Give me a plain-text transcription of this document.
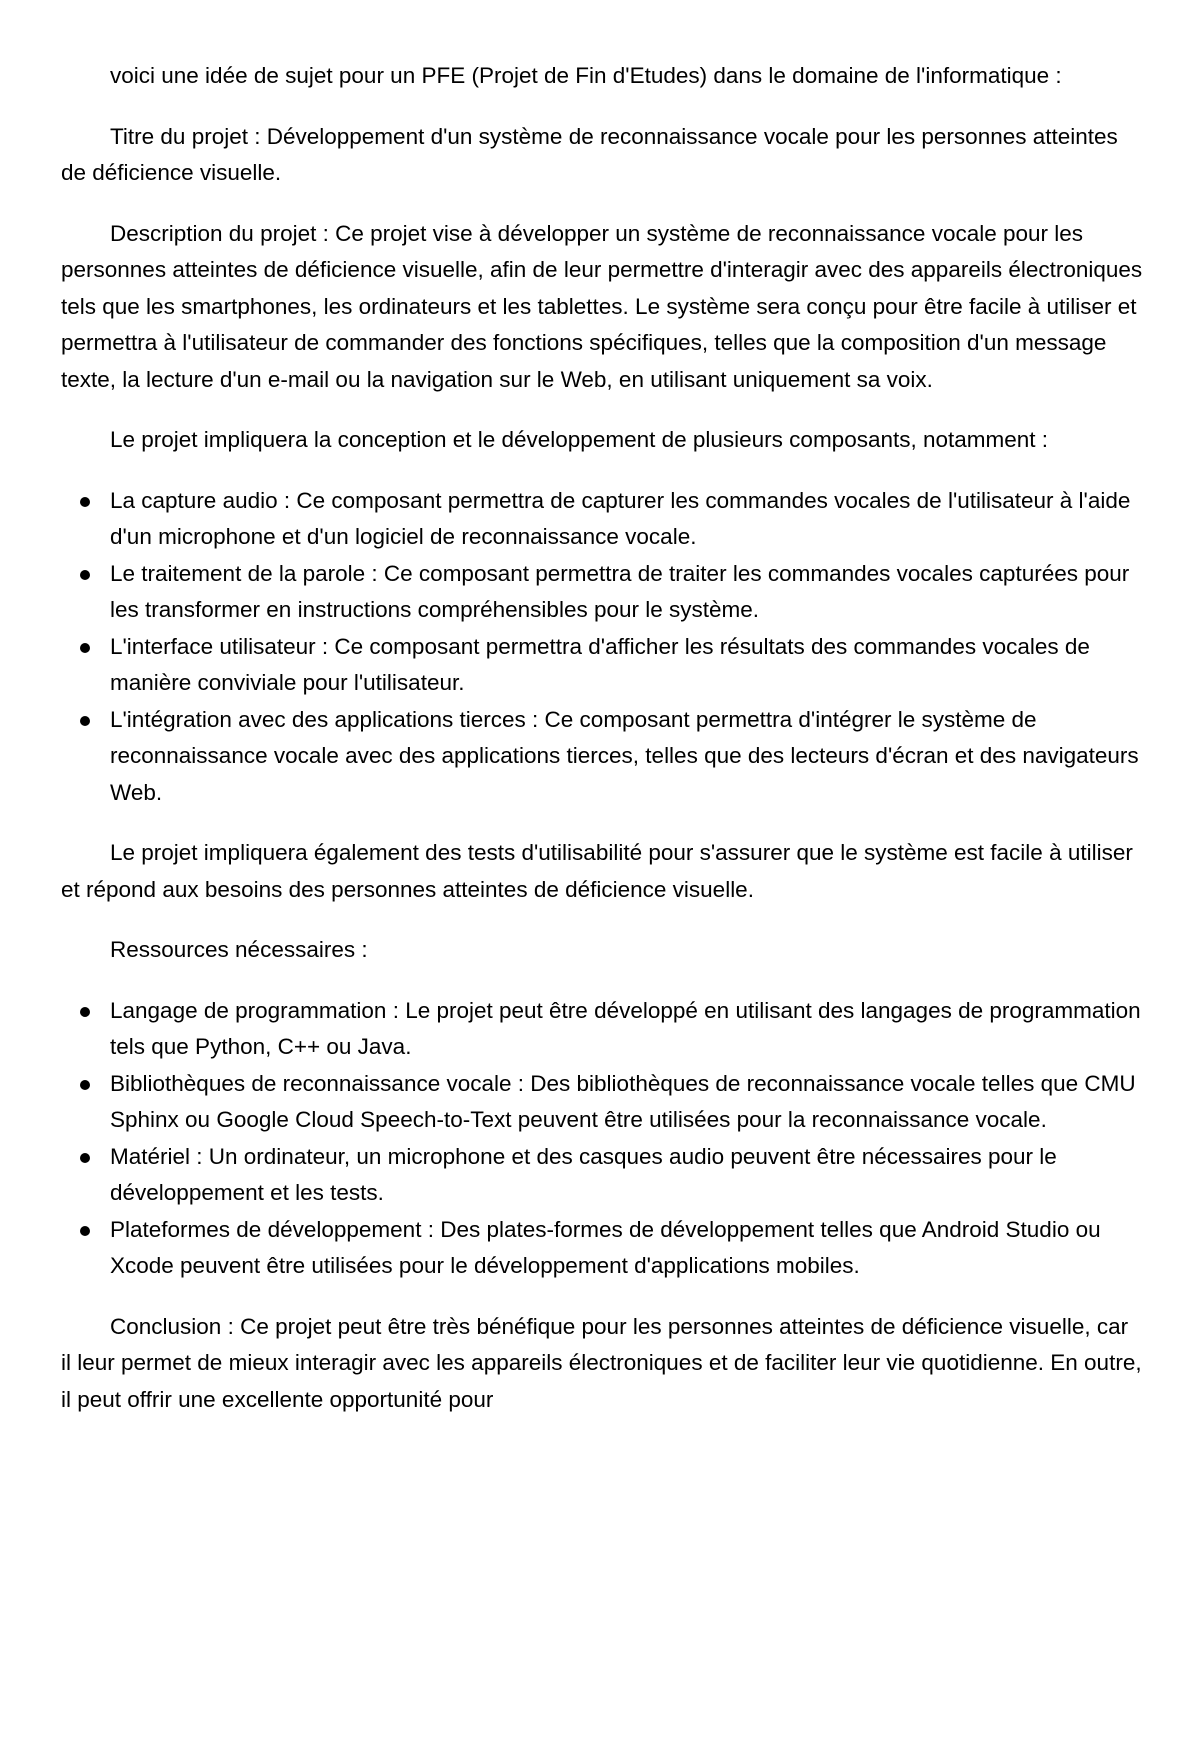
voici une idée de sujet pour un PFE (Projet de Fin d'Etudes) dans le domaine de l'informatique :

Titre du projet : Développement d'un système de reconnaissance vocale pour les personnes atteintes de déficience visuelle.

Description du projet : Ce projet vise à développer un système de reconnaissance vocale pour les personnes atteintes de déficience visuelle, afin de leur permettre d'interagir avec des appareils électroniques tels que les smartphones, les ordinateurs et les tablettes. Le système sera conçu pour être facile à utiliser et permettra à l'utilisateur de commander des fonctions spécifiques, telles que la composition d'un message texte, la lecture d'un e-mail ou la navigation sur le Web, en utilisant uniquement sa voix.

Le projet impliquera la conception et le développement de plusieurs composants, notamment :

La capture audio : Ce composant permettra de capturer les commandes vocales de l'utilisateur à l'aide d'un microphone et d'un logiciel de reconnaissance vocale.
Le traitement de la parole : Ce composant permettra de traiter les commandes vocales capturées pour les transformer en instructions compréhensibles pour le système.
L'interface utilisateur : Ce composant permettra d'afficher les résultats des commandes vocales de manière conviviale pour l'utilisateur.
L'intégration avec des applications tierces : Ce composant permettra d'intégrer le système de reconnaissance vocale avec des applications tierces, telles que des lecteurs d'écran et des navigateurs Web.

Le projet impliquera également des tests d'utilisabilité pour s'assurer que le système est facile à utiliser et répond aux besoins des personnes atteintes de déficience visuelle.

Ressources nécessaires :

Langage de programmation : Le projet peut être développé en utilisant des langages de programmation tels que Python, C++ ou Java.
Bibliothèques de reconnaissance vocale : Des bibliothèques de reconnaissance vocale telles que CMU Sphinx ou Google Cloud Speech-to-Text peuvent être utilisées pour la reconnaissance vocale.
Matériel : Un ordinateur, un microphone et des casques audio peuvent être nécessaires pour le développement et les tests.
Plateformes de développement : Des plates-formes de développement telles que Android Studio ou Xcode peuvent être utilisées pour le développement d'applications mobiles.

Conclusion : Ce projet peut être très bénéfique pour les personnes atteintes de déficience visuelle, car il leur permet de mieux interagir avec les appareils électroniques et de faciliter leur vie quotidienne. En outre, il peut offrir une excellente opportunité pour
